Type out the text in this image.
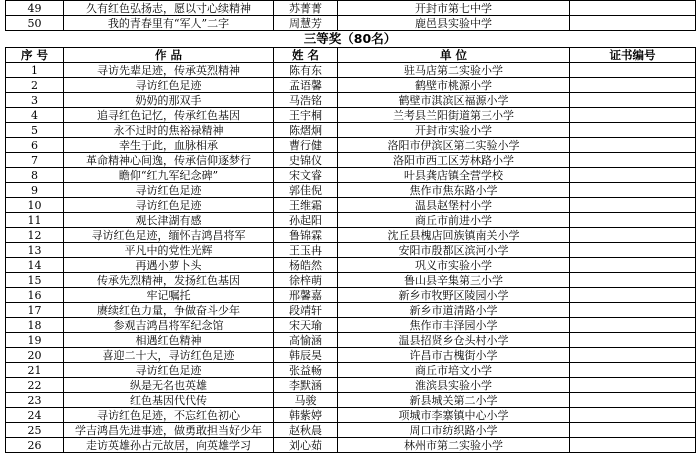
49	久有红色弘扬志，愿以寸心续精神	苏菁菁	开封市第七中学	
50	我的青春里有“军人”二字	周慧芳	鹿邑县实验中学	
三等奖（80名）
序 号	作 品	姓 名	单 位	证书编号
1	寻访先辈足迹，传承英烈精神	陈有东	驻马店第二实验小学	
2	寻访红色足迹	孟语馨	鹤壁市桃源小学	
3	奶奶的那双手	马浩铭	鹤壁市淇滨区福源小学	
4	追寻红色记忆，传承红色基因	王宇桐	兰考县兰阳街道第三小学	
5	永不过时的焦裕禄精神	陈熠炯	开封市实验小学	
6	幸生于此，血脉相承	曹行健	洛阳市伊滨区第二实验小学	
7	革命精神心间逸，传承信仰逐梦行	史锦仪	洛阳市西工区芳林路小学	
8	瞻仰“红九军纪念碑”	宋文睿	叶县龚店镇全营学校	
9	寻访红色足迹	郭佳倪	焦作市焦东路小学	
10	寻访红色足迹	王维霜	温县赵堡村小学	
11	观长津湖有感	孙起阳	商丘市前进小学	
12	寻访红色足迹，缅怀吉鸿昌将军	鲁锦霖	沈丘县槐店回族镇南关小学	
13	平凡中的党性光辉	王玉冉	安阳市殷都区滨河小学	
14	再遇小萝卜头	杨皓然	巩义市实验小学	
15	传承先烈精神，发扬红色基因	徐梓萌	鲁山县辛集第三小学	
16	牢记嘱托	邢馨嘉	新乡市牧野区陵园小学	
17	赓续红色力量，争做奋斗少年	段靖轩	新乡市道清路小学	
18	参观吉鸿昌将军纪念馆	宋天瑜	焦作市丰泽园小学	
19	相遇红色精神	高愉涵	温县招贤乡仓头村小学	
20	喜迎二十大，寻访红色足迹	韩辰昊	许昌市古槐街小学	
21	寻访红色足迹	张益畅	商丘市培文小学	
22	纵是无名也英雄	李默涵	淮滨县实验小学	
23	红色基因代代传	马骏	新县城关第二小学	
24	寻访红色足迹，不忘红色初心	韩紫婷	项城市李寨镇中心小学	
25	学吉鸿昌先进事迹，做勇敢担当好少年	赵秋晨	周口市纺织路小学	
26	走访英雄孙占元故居，向英雄学习	刘心茹	林州市第二实验小学	
